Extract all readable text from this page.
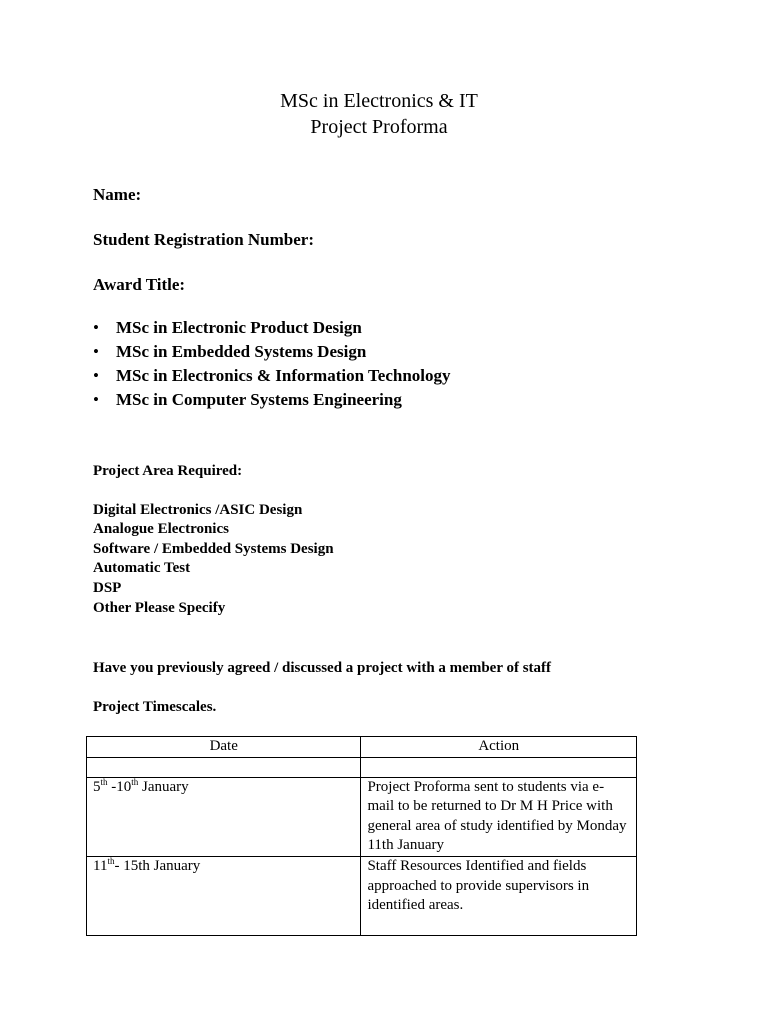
MSc in Electronics & IT
Project Proforma
Name:
Student Registration Number:
Award Title:
• MSc in Electronic Product Design
• MSc in Embedded Systems Design
• MSc in Electronics & Information Technology
• MSc in Computer Systems Engineering
Project Area Required:
Digital Electronics /ASIC Design
Analogue Electronics
Software / Embedded Systems Design
Automatic Test
DSP
Other Please Specify
Have you previously agreed / discussed a project with a member of staff
Project Timescales.
Date	Action

5th -10th January	Project Proforma sent to students via e-mail to be returned to Dr M H Price with general area of study identified by Monday 11th January
11th- 15th January	Staff Resources Identified and fields approached to provide supervisors in identified areas.
